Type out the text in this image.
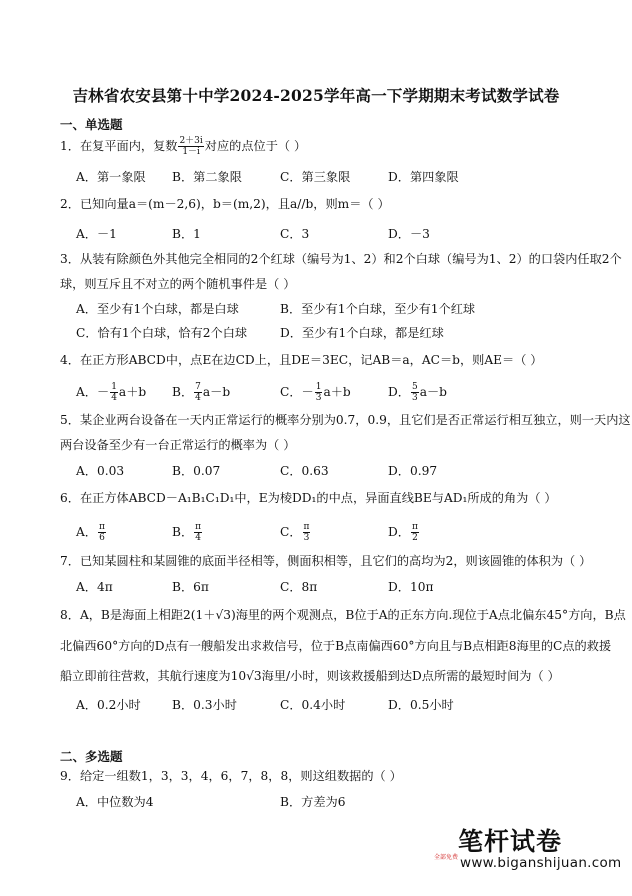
吉林省农安县第十中学2024-2025学年高一下学期期末考试数学试卷
一、单选题
1．在复平面内，复数 $\frac{2+3i}{1-i}$ 对应的点位于（ ）
A．第一象限 B．第二象限	C．第三象限	D．第四象限
2．已知向量a＝(m－2,6)，b＝(m,2)，且a//b，则m＝（ ）
A．－1	B．1	C．3	D．－3
3．从装有除颜色外其他完全相同的2个红球（编号为1、2）和2个白球（编号为1、2）的口袋内任取2个
球，则互斥且不对立的两个随机事件是（ ）
A．至少有1个白球，都是白球	B．至少有1个白球，至少有1个红球
C．恰有1个白球，恰有2个白球	D．至少有1个白球，都是红球
4．在正方形ABCD中，点E在边CD上，且DE＝3EC，记AB＝a，AC＝b，则AE＝（ ）
A．－ $\frac{1}{4} a+b$ B． $\frac{7}{4} a-b$	C．－ $\frac{1}{3} a+b$	D． $\frac{5}{3} a-b$
5．某企业两台设备在一天内正常运行的概率分别为0.7，0.9，且它们是否正常运行相互独立，则一天内这
两台设备至少有一台正常运行的概率为（ ）
A．0.03	B．0.07	C．0.63	D．0.97
6．在正方体ABCD－A₁B₁C₁D₁中，E为棱DD₁的中点，异面直线BE与AD₁所成的角为（ ）
A． $\frac{\pi}{6}$	B． $\frac{\pi}{4}$	C． $\frac{\pi}{3}$	D． $\frac{\pi}{2}$
7．已知某圆柱和某圆锥的底面半径相等，侧面积相等，且它们的高均为2，则该圆锥的体积为（ ）
A．4π	B．6π	C．8π	D．10π
8．A，B是海面上相距2(1＋√3)海里的两个观测点，B位于A的正东方向.现位于A点北偏东45°方向，B点
北偏西60°方向的D点有一艘船发出求救信号，位于B点南偏西60°方向且与B点相距8海里的C点的救援
船立即前往营救，其航行速度为10√3海里/小时，则该救援船到达D点所需的最短时间为（ ）
A．0.2小时	B．0.3小时	C．0.4小时	D．0.5小时
二、多选题
9．给定一组数1，3，3，4，6，7，8，8，则这组数据的（ ）
A．中位数为4	B．方差为6
笔杆试卷
全部免费 www.biganshijuan.com
